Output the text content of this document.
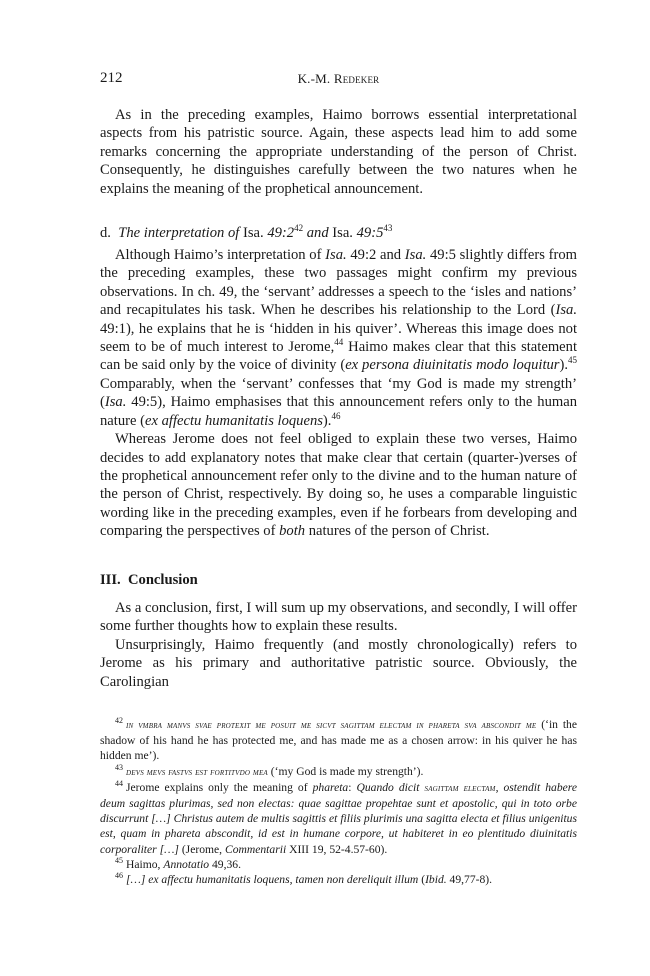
212	K.-M. Redeker

As in the preceding examples, Haimo borrows essential interpretational aspects from his patristic source. Again, these aspects lead him to add some remarks concerning the appropriate understanding of the person of Christ. Consequently, he distinguishes carefully between the two natures when he explains the meaning of the prophetical announcement.

d. The interpretation of Isa. $49:2^{42}$ and Isa. $49:5^{43}$

Although Haimo’s interpretation of Isa. 49:2 and Isa. 49:5 slightly differs from the preceding examples, these two passages might confirm my previous observations. In ch. 49, the ‘servant’ addresses a speech to the ‘isles and nations’ and recapitulates his task. When he describes his relationship to the Lord (Isa. 49:1), he explains that he is ‘hidden in his quiver’. Whereas this image does not seem to be of much interest to Jerome,$^{44}$ Haimo makes clear that this statement can be said only by the voice of divinity (ex persona diuinitatis modo loquitur).$^{45}$ Comparably, when the ‘servant’ confesses that ‘my God is made my strength’ (Isa. 49:5), Haimo emphasises that this announcement refers only to the human nature (ex affectu humanitatis loquens).$^{46}$

Whereas Jerome does not feel obliged to explain these two verses, Haimo decides to add explanatory notes that make clear that certain (quarter-)verses of the prophetical announcement refer only to the divine and to the human nature of the person of Christ, respectively. By doing so, he uses a comparable linguistic wording like in the preceding examples, even if he forbears from developing and comparing the perspectives of both natures of the person of Christ.

III. Conclusion

As a conclusion, first, I will sum up my observations, and secondly, I will offer some further thoughts how to explain these results.

Unsurprisingly, Haimo frequently (and mostly chronologically) refers to Jerome as his primary and authoritative patristic source. Obviously, the Carolingian

$^{42}$ in vmbra manvs svae protexit me posuit me sicvt sagittam electam in phareta sva abscondit me (‘in the shadow of his hand he has protected me, and has made me as a chosen arrow: in his quiver he has hidden me’).

$^{43}$ devs mevs fastvs est fortitvdo mea (‘my God is made my strength’).

$^{44}$ Jerome explains only the meaning of phareta: Quando dicit sagittam electam, ostendit habere deum sagittas plurimas, sed non electas: quae sagittae propehtae sunt et apostolic, qui in toto orbe discurrunt […] Christus autem de multis sagittis et filiis plurimis una sagitta electa et filius unigenitus est, quam in phareta abscondit, id est in humane corpore, ut habiteret in eo plentitudo diuinitatis corporaliter […] (Jerome, Commentarii XIII 19, 52-4.57-60).

$^{45}$ Haimo, Annotatio 49,36.

$^{46}$ […] ex affectu humanitatis loquens, tamen non dereliquit illum (Ibid. 49,77-8).
